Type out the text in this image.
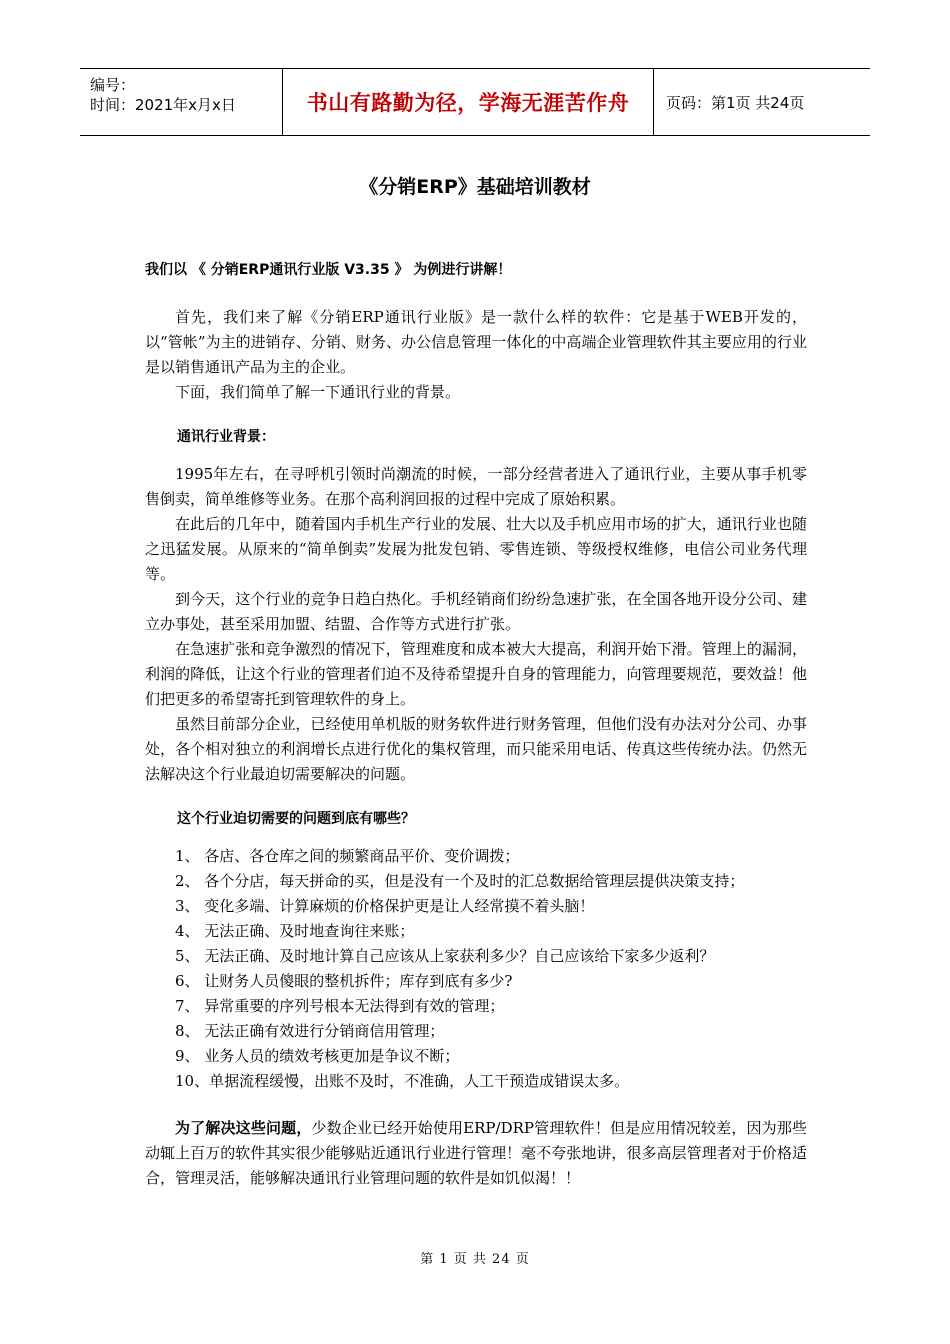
编号：
时间：2021年x月x日	书山有路勤为径，学海无涯苦作舟 页码：第1页 共24页
《分销ERP》基础培训教材

我们以 《 分销ERP通讯行业版 V3.35 》 为例进行讲解！

首先，我们来了解《分销ERP通讯行业版》是一款什么样的软件：它是基于WEB开发的，以“管帐”为主的进销存、分销、财务、办公信息管理一体化的中高端企业管理软件其主要应用的行业是以销售通讯产品为主的企业。

下面，我们简单了解一下通讯行业的背景。

通讯行业背景：

1995年左右，在寻呼机引领时尚潮流的时候，一部分经营者进入了通讯行业，主要从事手机零售倒卖，简单维修等业务。在那个高利润回报的过程中完成了原始积累。

在此后的几年中，随着国内手机生产行业的发展、壮大以及手机应用市场的扩大，通讯行业也随之迅猛发展。从原来的“简单倒卖”发展为批发包销、零售连锁、等级授权维修，电信公司业务代理等。

到今天，这个行业的竞争日趋白热化。手机经销商们纷纷急速扩张，在全国各地开设分公司、建立办事处，甚至采用加盟、结盟、合作等方式进行扩张。

在急速扩张和竞争激烈的情况下，管理难度和成本被大大提高，利润开始下滑。管理上的漏洞，利润的降低，让这个行业的管理者们迫不及待希望提升自身的管理能力，向管理要规范，要效益！他们把更多的希望寄托到管理软件的身上。

虽然目前部分企业，已经使用单机版的财务软件进行财务管理，但他们没有办法对分公司、办事处，各个相对独立的利润增长点进行优化的集权管理，而只能采用电话、传真这些传统办法。仍然无法解决这个行业最迫切需要解决的问题。

这个行业迫切需要的问题到底有哪些？
1、 各店、各仓库之间的频繁商品平价、变价调拨；
2、 各个分店，每天拼命的买，但是没有一个及时的汇总数据给管理层提供决策支持；
3、 变化多端、计算麻烦的价格保护更是让人经常摸不着头脑！
4、 无法正确、及时地查询往来账；
5、 无法正确、及时地计算自己应该从上家获利多少？自己应该给下家多少返利？
6、 让财务人员傻眼的整机拆件；库存到底有多少?
7、 异常重要的序列号根本无法得到有效的管理；
8、 无法正确有效进行分销商信用管理；
9、 业务人员的绩效考核更加是争议不断；
10、单据流程缓慢，出账不及时，不准确，人工干预造成错误太多。

为了解决这些问题，少数企业已经开始使用ERP/DRP管理软件！但是应用情况较差，因为那些动辄上百万的软件其实很少能够贴近通讯行业进行管理！毫不夸张地讲，很多高层管理者对于价格适合，管理灵活，能够解决通讯行业管理问题的软件是如饥似渴！！

第 1 页 共 24 页
